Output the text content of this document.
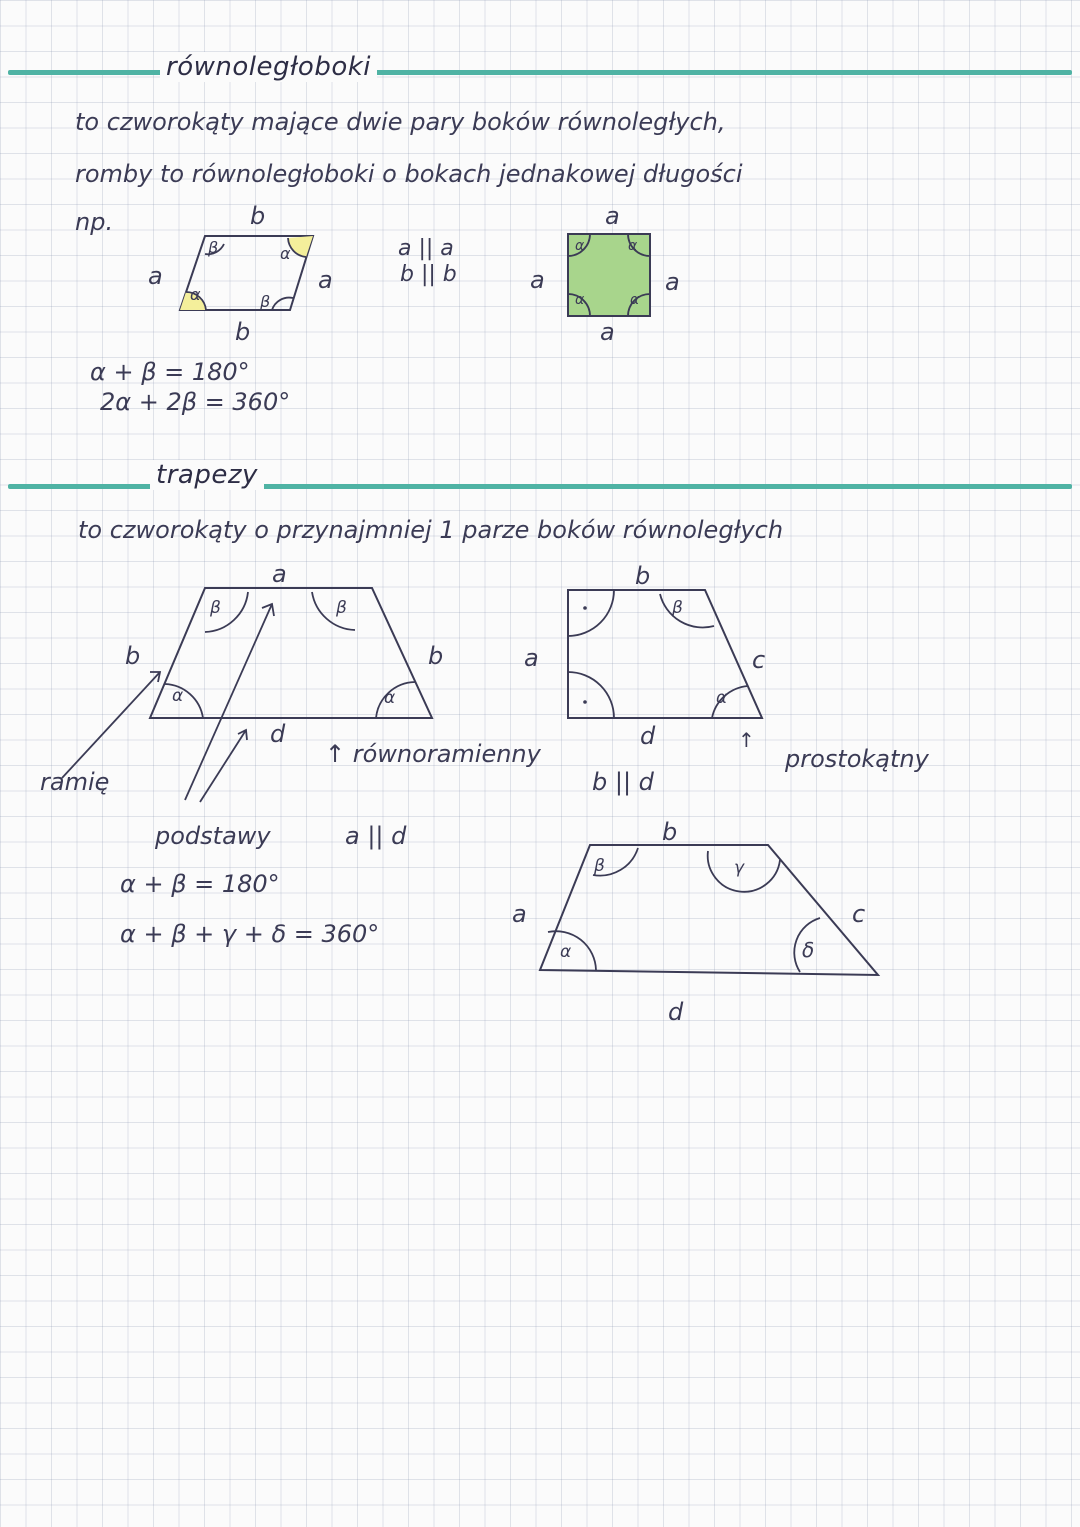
równoległoboki
to czworokąty mające dwie pary boków równoległych,
romby to równoległoboki o bokach jednakowej długości
np.	b
b
a	a
α
α
β
β
a || a
b || b
a
a
a	a
α	α
α	α
α + β = 180°
2α + 2β = 360°
trapezy
to czworokąty o przynajmniej 1 parze boków równoległych
a
d
b	b
β	β
α	α
ramię
podstawy
↑ równoramienny
a || d
α + β = 180°
α + β + γ + δ = 360°
b
d
a	c
β
α
↑
b || d
prostokątny
b
d
a	c
β	γ
α	δ
